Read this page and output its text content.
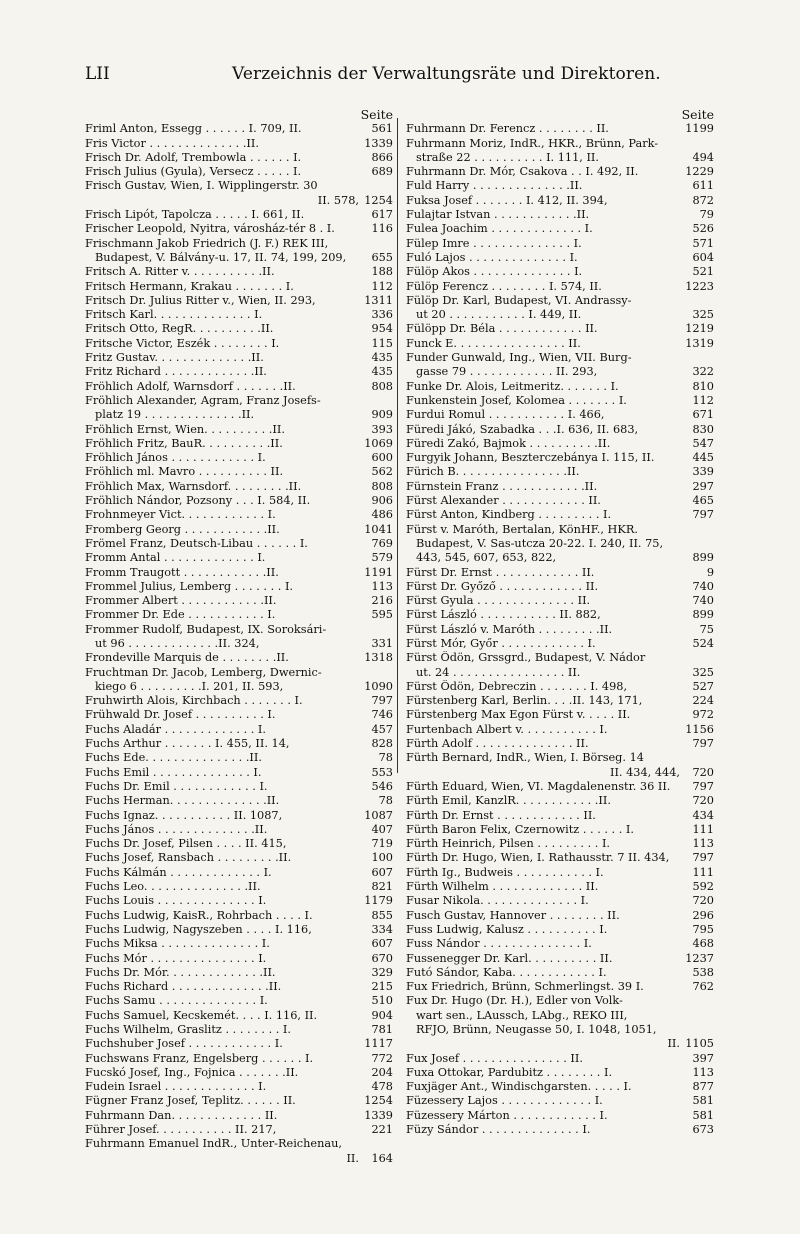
LII	Verzeichnis der Verwaltungsräte und Direktoren.
Seite
Friml Anton, Essegg . . . . . . I. 709, II.	561
Fris Victor . . . . . . . . . . . . . .II.	1339
Frisch Dr. Adolf, Trembowla . . . . . . I.	866
Frisch Julius (Gyula), Versecz . . . . . I.	689
Frisch Gustav, Wien, I. Wipplingerstr. 30
II. 578, 1254
Frisch Lipót, Tapolcza . . . . . I. 661, II.	617
Frischer Leopold, Nyitra, városház-tér 8 . I.	116
Frischmann Jakob Friedrich (J. F.) REK III,
Budapest, V. Bálvány-u. 17, II. 74, 199, 209,	655
Fritsch A. Ritter v. . . . . . . . . . .II.	188
Fritsch Hermann, Krakau . . . . . . . I.	112
Fritsch Dr. Julius Ritter v., Wien, II. 293,	1311
Fritsch Karl. . . . . . . . . . . . . . I.	336
Fritsch Otto, RegR. . . . . . . . . .II.	954
Fritsche Victor, Eszék . . . . . . . . I.	115
Fritz Gustav. . . . . . . . . . . . . .II.	435
Fritz Richard . . . . . . . . . . . . .II.	435
Fröhlich Adolf, Warnsdorf . . . . . . .II.	808
Fröhlich Alexander, Agram, Franz Josefs-
platz 19 . . . . . . . . . . . . . .II.	909
Fröhlich Ernst, Wien. . . . . . . . . .II.	393
Fröhlich Fritz, BauR. . . . . . . . . .II.	1069
Fröhlich János . . . . . . . . . . . . I.	600
Fröhlich ml. Mavro . . . . . . . . . . II.	562
Fröhlich Max, Warnsdorf. . . . . . . . .II.	808
Fröhlich Nándor, Pozsony . . . I. 584, II.	906
Frohnmeyer Vict. . . . . . . . . . . . I.	486
Fromberg Georg . . . . . . . . . . . .II.	1041
Frömel Franz, Deutsch-Libau . . . . . . I.	769
Fromm Antal . . . . . . . . . . . . . I.	579
Fromm Traugott . . . . . . . . . . . .II.	1191
Frommel Julius, Lemberg . . . . . . . I.	113
Frommer Albert . . . . . . . . . . . .II.	216
Frommer Dr. Ede . . . . . . . . . . . I.	595
Frommer Rudolf, Budapest, IX. Soroksári-
ut 96 . . . . . . . . . . . . .II. 324,	331
Frondeville Marquis de . . . . . . . .II.	1318
Fruchtman Dr. Jacob, Lemberg, Dwernic-
kiego 6 . . . . . . . . .I. 201, II. 593,	1090
Fruhwirth Alois, Kirchbach . . . . . . . I.	797
Frühwald Dr. Josef . . . . . . . . . . I.	746
Fuchs Aladár . . . . . . . . . . . . . I.	457
Fuchs Arthur . . . . . . . I. 455, II. 14,	828
Fuchs Ede. . . . . . . . . . . . . . .II.	78
Fuchs Emil . . . . . . . . . . . . . . I.	553
Fuchs Dr. Emil . . . . . . . . . . . . I.	546
Fuchs Herman. . . . . . . . . . . . . .II.	78
Fuchs Ignaz. . . . . . . . . . . II. 1087,	1087
Fuchs János . . . . . . . . . . . . . .II.	407
Fuchs Dr. Josef, Pilsen . . . . II. 415,	719
Fuchs Josef, Ransbach . . . . . . . . .II.	100
Fuchs Kálmán . . . . . . . . . . . . . I.	607
Fuchs Leo. . . . . . . . . . . . . . .II.	821
Fuchs Louis . . . . . . . . . . . . . . I.	1179
Fuchs Ludwig, KaisR., Rohrbach . . . . I.	855
Fuchs Ludwig, Nagyszeben . . . . I. 116,	334
Fuchs Miksa . . . . . . . . . . . . . . I.	607
Fuchs Mór . . . . . . . . . . . . . . . I.	670
Fuchs Dr. Mór. . . . . . . . . . . . . .II.	329
Fuchs Richard . . . . . . . . . . . . . .II.	215
Fuchs Samu . . . . . . . . . . . . . . I.	510
Fuchs Samuel, Kecskemét. . . . I. 116, II.	904
Fuchs Wilhelm, Graslitz . . . . . . . . I.	781
Fuchshuber Josef . . . . . . . . . . . . I.	1117
Fuchswans Franz, Engelsberg . . . . . . I.	772
Fucskó Josef, Ing., Fojnica . . . . . . .II.	204
Fudein Israel . . . . . . . . . . . . . I.	478
Fügner Franz Josef, Teplitz. . . . . . II.	1254
Fuhrmann Dan. . . . . . . . . . . . . II.	1339
Führer Josef. . . . . . . . . . . II. 217,	221
Fuhrmann Emanuel IndR., Unter-Reichenau,
II.	164
Seite
Fuhrmann Dr. Ferencz . . . . . . . . II.	1199
Fuhrmann Moriz, IndR., HKR., Brünn, Park-
straße 22 . . . . . . . . . . I. 111, II.	494
Fuhrmann Dr. Mór, Csakova . . I. 492, II.	1229
Fuld Harry . . . . . . . . . . . . . .II.	611
Fuksa Josef . . . . . . . I. 412, II. 394,	872
Fulajtar Istvan . . . . . . . . . . . .II.	79
Fulea Joachim . . . . . . . . . . . . . I.	526
Fülep Imre . . . . . . . . . . . . . . I.	571
Fuló Lajos . . . . . . . . . . . . . . I.	604
Fülöp Akos . . . . . . . . . . . . . . I.	521
Fülöp Ferencz . . . . . . . . I. 574, II.	1223
Fülöp Dr. Karl, Budapest, VI. Andrassy-
ut 20 . . . . . . . . . . . I. 449, II.	325
Fülöpp Dr. Béla . . . . . . . . . . . . II.	1219
Funck E. . . . . . . . . . . . . . . . II.	1319
Funder Gunwald, Ing., Wien, VII. Burg-
gasse 79 . . . . . . . . . . . . II. 293,	322
Funke Dr. Alois, Leitmeritz. . . . . . . I.	810
Funkenstein Josef, Kolomea . . . . . . . I.	112
Furdui Romul . . . . . . . . . . . I. 466,	671
Füredi Jákó, Szabadka . . .I. 636, II. 683,	830
Füredi Zakó, Bajmok . . . . . . . . . .II.	547
Furgyik Johann, Beszterczebánya I. 115, II.	445
Fürich B. . . . . . . . . . . . . . . .II.	339
Fürnstein Franz . . . . . . . . . . . .II.	297
Fürst Alexander . . . . . . . . . . . . II.	465
Fürst Anton, Kindberg . . . . . . . . . I.	797
Fürst v. Maróth, Bertalan, KönHF., HKR.
Budapest, V. Sas-utcza 20-22. I. 240, II. 75,
443, 545, 607, 653, 822,	899
Fürst Dr. Ernst . . . . . . . . . . . . II.	9
Fürst Dr. Győző . . . . . . . . . . . . II.	740
Fürst Gyula . . . . . . . . . . . . . . II.	740
Fürst László . . . . . . . . . . . II. 882,	899
Fürst László v. Maróth . . . . . . . . .II.	75
Fürst Mór, Győr . . . . . . . . . . . . I.	524
Fürst Ödön, Grssgrd., Budapest, V. Nádor
ut. 24 . . . . . . . . . . . . . . . . II.	325
Fürst Ödön, Debreczin . . . . . . . I. 498,	527
Fürstenberg Karl, Berlin. . . .II. 143, 171,	224
Fürstenberg Max Egon Fürst v. . . . . II.	972
Furtenbach Albert v. . . . . . . . . . . I.	1156
Fürth Adolf . . . . . . . . . . . . . . II.	797
Fürth Bernard, IndR., Wien, I. Börseg. 14
II. 434, 444,	720
Fürth Eduard, Wien, VI. Magdalenenstr. 36 II.	797
Fürth Emil, KanzlR. . . . . . . . . . . .II.	720
Fürth Dr. Ernst . . . . . . . . . . . . II.	434
Fürth Baron Felix, Czernowitz . . . . . . I.	111
Fürth Heinrich, Pilsen . . . . . . . . . I.	113
Fürth Dr. Hugo, Wien, I. Rathausstr. 7 II. 434,	797
Fürth Ig., Budweis . . . . . . . . . . . I.	111
Fürth Wilhelm . . . . . . . . . . . . . II.	592
Fusar Nikola. . . . . . . . . . . . . . I.	720
Fusch Gustav, Hannover . . . . . . . . II.	296
Fuss Ludwig, Kalusz . . . . . . . . . . I.	795
Fuss Nándor . . . . . . . . . . . . . . I.	468
Fussenegger Dr. Karl. . . . . . . . . . II.	1237
Futó Sándor, Kaba. . . . . . . . . . . . I.	538
Fux Friedrich, Brünn, Schmerlingst. 39 I.	762
Fux Dr. Hugo (Dr. H.), Edler von Volk-
wart sen., LAussch, LAbg., REKO III,
RFJO, Brünn, Neugasse 50, I. 1048, 1051,
II. 1105
Fux Josef . . . . . . . . . . . . . . . II.	397
Fuxa Ottokar, Pardubitz . . . . . . . . I.	113
Fuxjäger Ant., Windischgarsten. . . . . I.	877
Füzessery Lajos . . . . . . . . . . . . . I.	581
Füzessery Márton . . . . . . . . . . . . I.	581
Füzy Sándor . . . . . . . . . . . . . . I.	673
